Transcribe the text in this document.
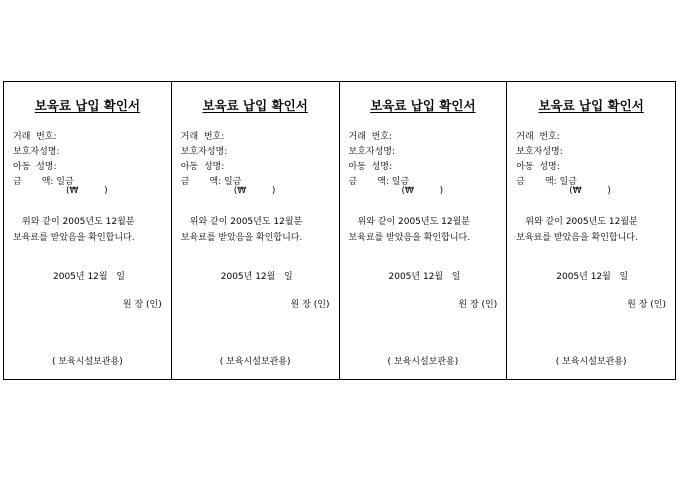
보육료 납입 확인서
거래  번호:
보호자성명:
아동  성명:
금       액: 일금
(₩         )
위와 같이 2005년도 12월분
보육료를 받았음을 확인합니다.
2005년 12월   일
원 장 (인)
( 보육시설보관용)
보육료 납입 확인서
거래  번호:
보호자성명:
아동  성명:
금       액: 일금
(₩         )
위와 같이 2005년도 12월분
보육료를 받았음을 확인합니다.
2005년 12월   일
원 장 (인)
( 보육시설보관용)
보육료 납입 확인서
거래  번호:
보호자성명:
아동  성명:
금       액: 일금
(₩         )
위와 같이 2005년도 12월분
보육료를 받았음을 확인합니다.
2005년 12월   일
원 장 (인)
( 보육시설보관용)
보육료 납입 확인서
거래  번호:
보호자성명:
아동  성명:
금       액: 일금
(₩         )
위와 같이 2005년도 12월분
보육료를 받았음을 확인합니다.
2005년 12월   일
원 장 (인)
( 보육시설보관용)
